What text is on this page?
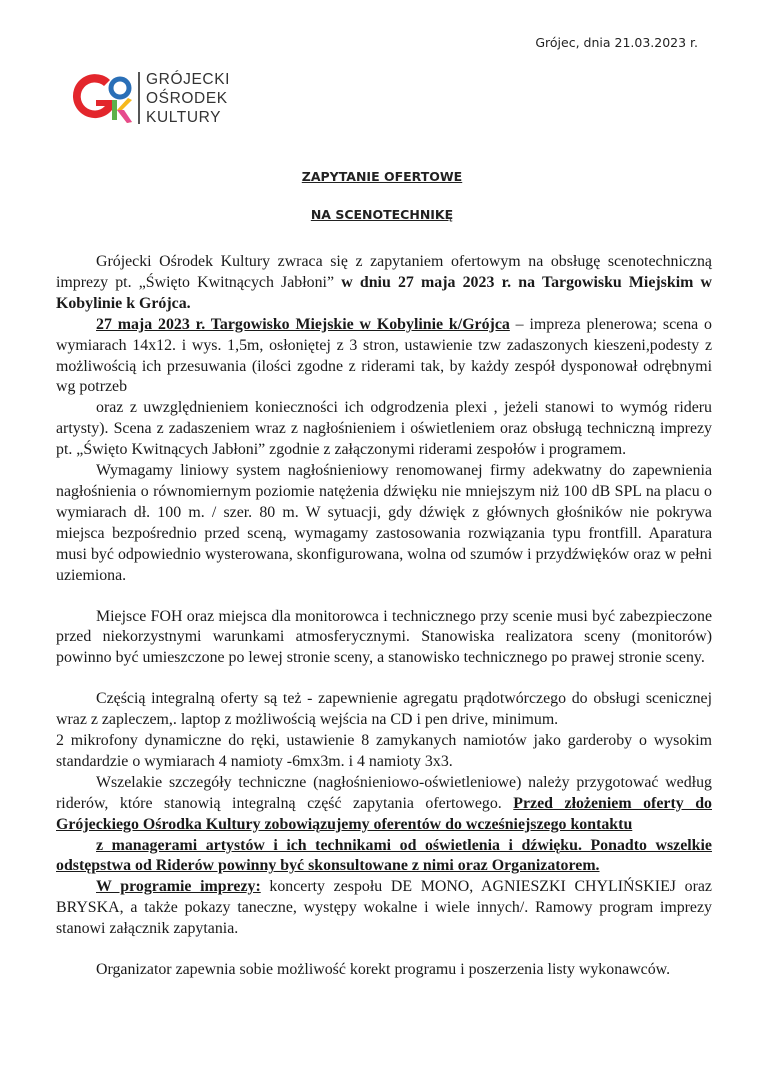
Grójec, dnia 21.03.2023 r.
GRÓJECKI
OŚRODEK
KULTURY
ZAPYTANIE OFERTOWE
NA SCENOTECHNIKĘ

Grójecki Ośrodek Kultury zwraca się z zapytaniem ofertowym na obsługę scenotechniczną imprezy pt. „Święto Kwitnących Jabłoni” w dniu 27 maja 2023 r. na Targowisku Miejskim w Kobylinie k Grójca.

27 maja 2023 r. Targowisko Miejskie w Kobylinie k/Grójca – impreza plenerowa; scena o wymiarach 14x12. i wys. 1,5m, osłoniętej z 3 stron, ustawienie tzw zadaszonych kieszeni,podesty z możliwością ich przesuwania (ilości zgodne z riderami tak, by każdy zespół dysponował odrębnymi wg potrzeb

oraz z uwzględnieniem konieczności ich odgrodzenia plexi , jeżeli stanowi to wymóg rideru artysty). Scena z zadaszeniem wraz z nagłośnieniem i oświetleniem oraz obsługą techniczną imprezy pt. „Święto Kwitnących Jabłoni” zgodnie z załączonymi riderami zespołów i programem.

Wymagamy liniowy system nagłośnieniowy renomowanej firmy adekwatny do zapewnienia nagłośnienia o równomiernym poziomie natężenia dźwięku nie mniejszym niż 100 dB SPL na placu o wymiarach dł. 100 m. / szer. 80 m. W sytuacji, gdy dźwięk z głównych głośników nie pokrywa miejsca bezpośrednio przed sceną, wymagamy zastosowania rozwiązania typu frontfill. Aparatura musi być odpowiednio wysterowana, skonfigurowana, wolna od szumów i przydźwięków oraz w pełni uziemiona.

Miejsce FOH oraz miejsca dla monitorowca i technicznego przy scenie musi być zabezpieczone przed niekorzystnymi warunkami atmosferycznymi. Stanowiska realizatora sceny (monitorów) powinno być umieszczone po lewej stronie sceny, a stanowisko technicznego po prawej stronie sceny.

Częścią integralną oferty są też - zapewnienie agregatu prądotwórczego do obsługi scenicznej wraz z zapleczem,. laptop z możliwością wejścia na CD i pen drive, minimum.

2 mikrofony dynamiczne do ręki, ustawienie 8 zamykanych namiotów jako garderoby o wysokim standardzie o wymiarach 4 namioty -6mx3m. i 4 namioty 3x3.

Wszelakie szczegóły techniczne (nagłośnieniowo-oświetleniowe) należy przygotować według riderów, które stanowią integralną część zapytania ofertowego. Przed złożeniem oferty do Grójeckiego Ośrodka Kultury zobowiązujemy oferentów do wcześniejszego kontaktu

z managerami artystów i ich technikami od oświetlenia i dźwięku. Ponadto wszelkie odstępstwa od Riderów powinny być skonsultowane z nimi oraz Organizatorem.

W programie imprezy: koncerty zespołu DE MONO, AGNIESZKI CHYLIŃSKIEJ oraz BRYSKA, a także pokazy taneczne, występy wokalne i wiele innych/. Ramowy program imprezy stanowi załącznik zapytania.

Organizator zapewnia sobie możliwość korekt programu i poszerzenia listy wykonawców.
